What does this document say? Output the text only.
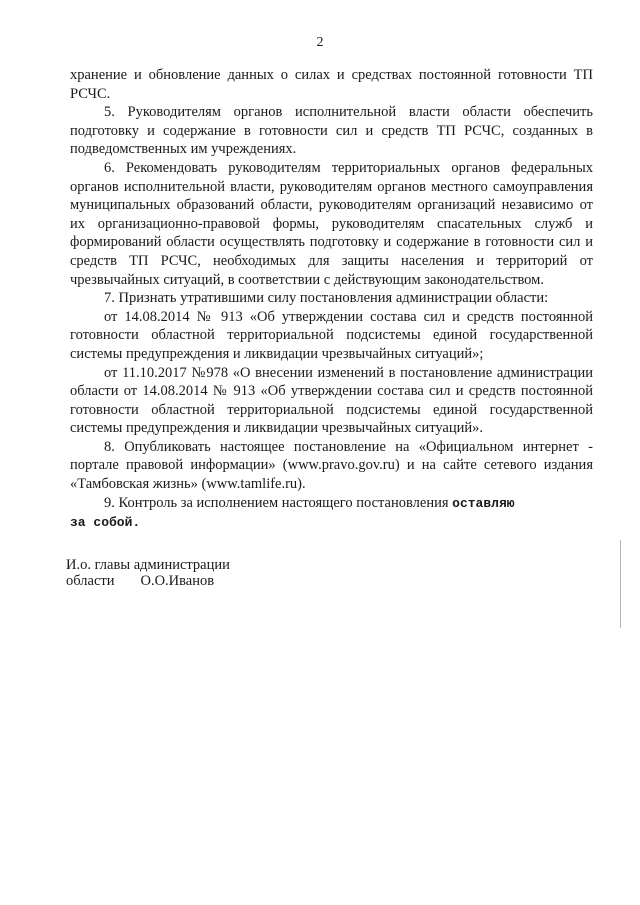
2

хранение и обновление данных о силах и средствах постоянной готовности ТП РСЧС.

5. Руководителям органов исполнительной власти области обеспечить подготовку и содержание в готовности сил и средств ТП РСЧС, созданных в подведомственных им учреждениях.

6. Рекомендовать руководителям территориальных органов федеральных органов исполнительной власти, руководителям органов местного самоуправления муниципальных образований области, руководителям организаций независимо от их организационно-правовой формы, руководителям спасательных служб и формирований области осуществлять подготовку и содержание в готовности сил и средств ТП РСЧС, необходимых для защиты населения и территорий от чрезвычайных ситуаций, в соответствии с действующим законодательством.

7. Признать утратившими силу постановления администрации области:

от 14.08.2014 № 913 «Об утверждении состава сил и средств постоянной готовности областной территориальной подсистемы единой государственной системы предупреждения и ликвидации чрезвычайных ситуаций»;

от 11.10.2017 №978 «О внесении изменений в постановление администрации области от 14.08.2014 № 913 «Об утверждении состава сил и средств постоянной готовности областной территориальной подсистемы единой государственной системы предупреждения и ликвидации чрезвычайных ситуаций».

8. Опубликовать настоящее постановление на «Официальном интернет - портале правовой информации» (www.pravo.gov.ru) и на сайте сетевого издания «Тамбовская жизнь» (www.tamlife.ru).

9. Контроль за исполнением настоящего постановления оставляю

за собой.

И.о. главы администрации
области О.О.Иванов
